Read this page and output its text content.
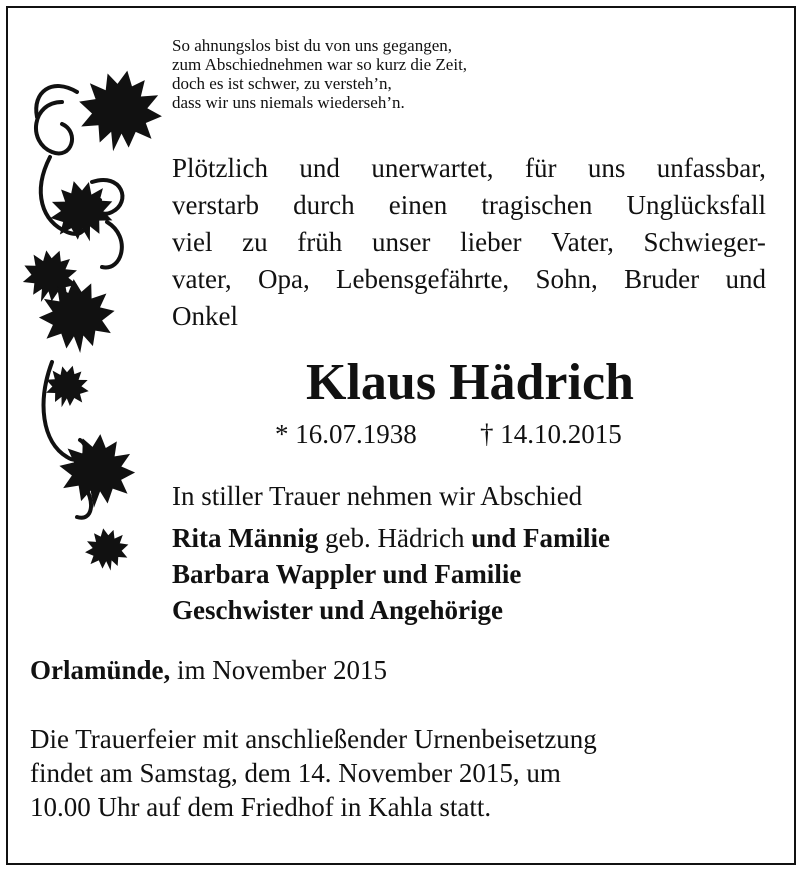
So ahnungslos bist du von uns gegangen,
zum Abschiednehmen war so kurz die Zeit,
doch es ist schwer, zu versteh’n,
dass wir uns niemals wiederseh’n.
Plötzlich und unerwartet, für uns unfassbar,
verstarb durch einen tragischen Unglücksfall
viel zu früh unser lieber Vater, Schwieger-
vater, Opa, Lebensgefährte, Sohn, Bruder und
Onkel
Klaus Hädrich
* 16.07.1938 † 14.10.2015
In stiller Trauer nehmen wir Abschied
Rita Männig geb. Hädrich und Familie
Barbara Wappler und Familie
Geschwister und Angehörige
Orlamünde, im November 2015
Die Trauerfeier mit anschließender Urnenbeisetzung
findet am Samstag, dem 14. November 2015, um
10.00 Uhr auf dem Friedhof in Kahla statt.
